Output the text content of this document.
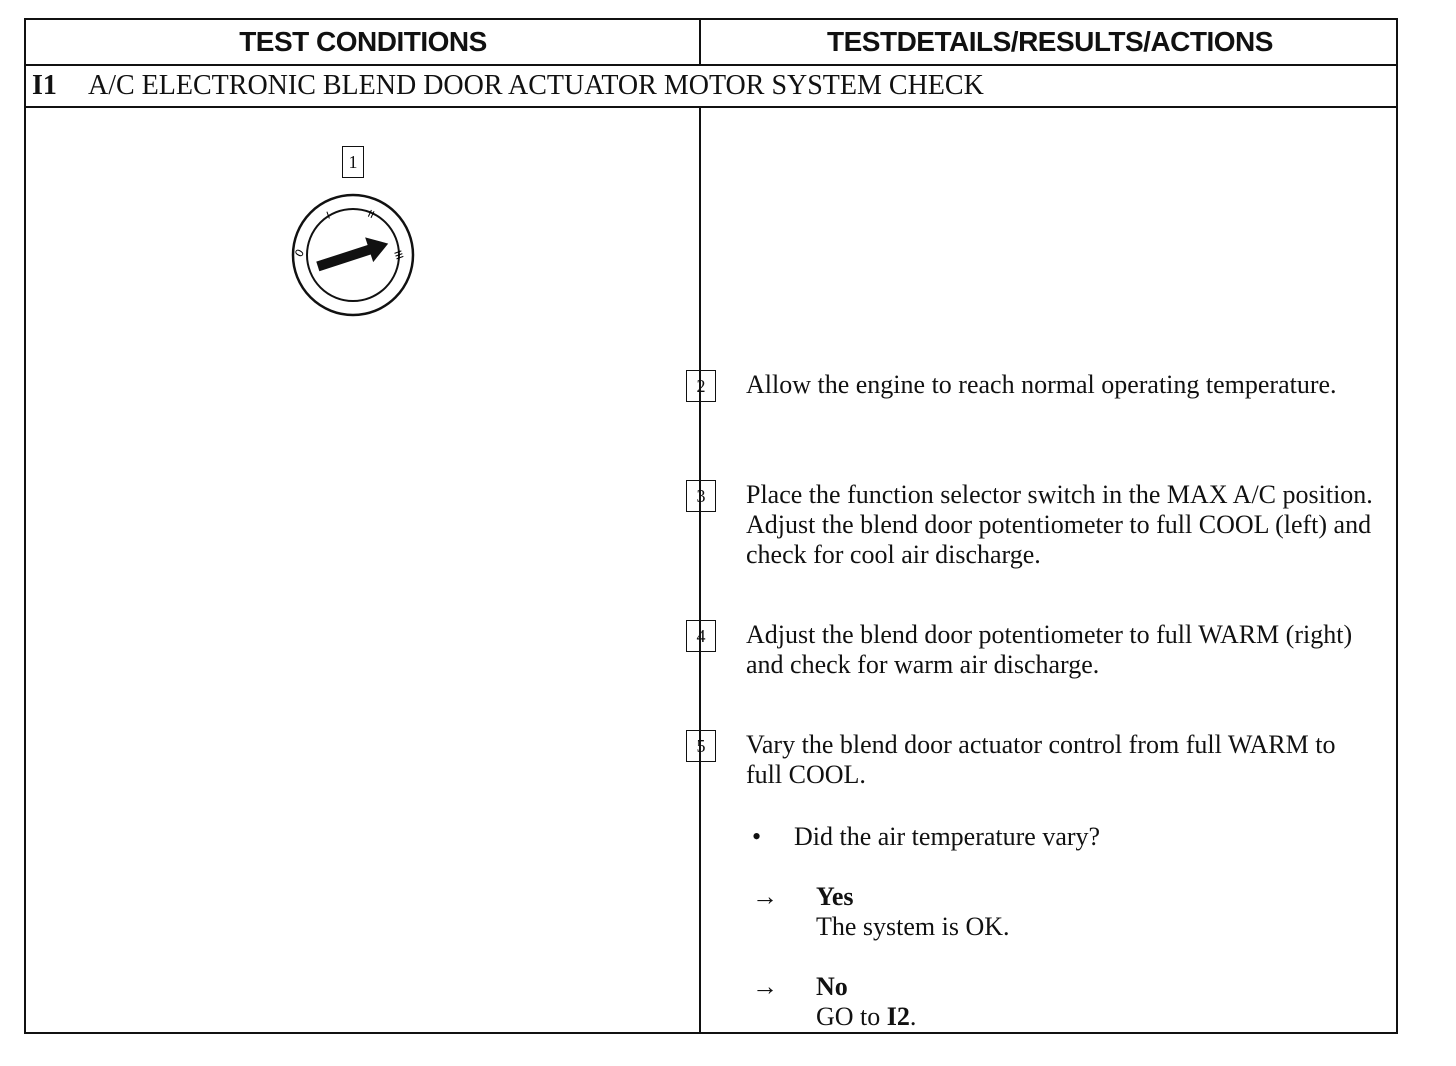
TEST CONDITIONS	TESTDETAILS/RESULTS/ACTIONS
I1	A/C ELECTRONIC BLEND DOOR ACTUATOR MOTOR SYSTEM CHECK
1
0
I	II
III
2	Allow the engine to reach normal operating temperature.
3	Place the function selector switch in the MAX A/C position. Adjust the blend door potentiometer to full COOL (left) and check for cool air discharge.
4	Adjust the blend door potentiometer to full WARM (right) and check for warm air discharge.
5	Vary the blend door actuator control from full WARM to full COOL.
• Did the air temperature vary?
→	Yes
The system is OK.
→	No
GO to I2.
